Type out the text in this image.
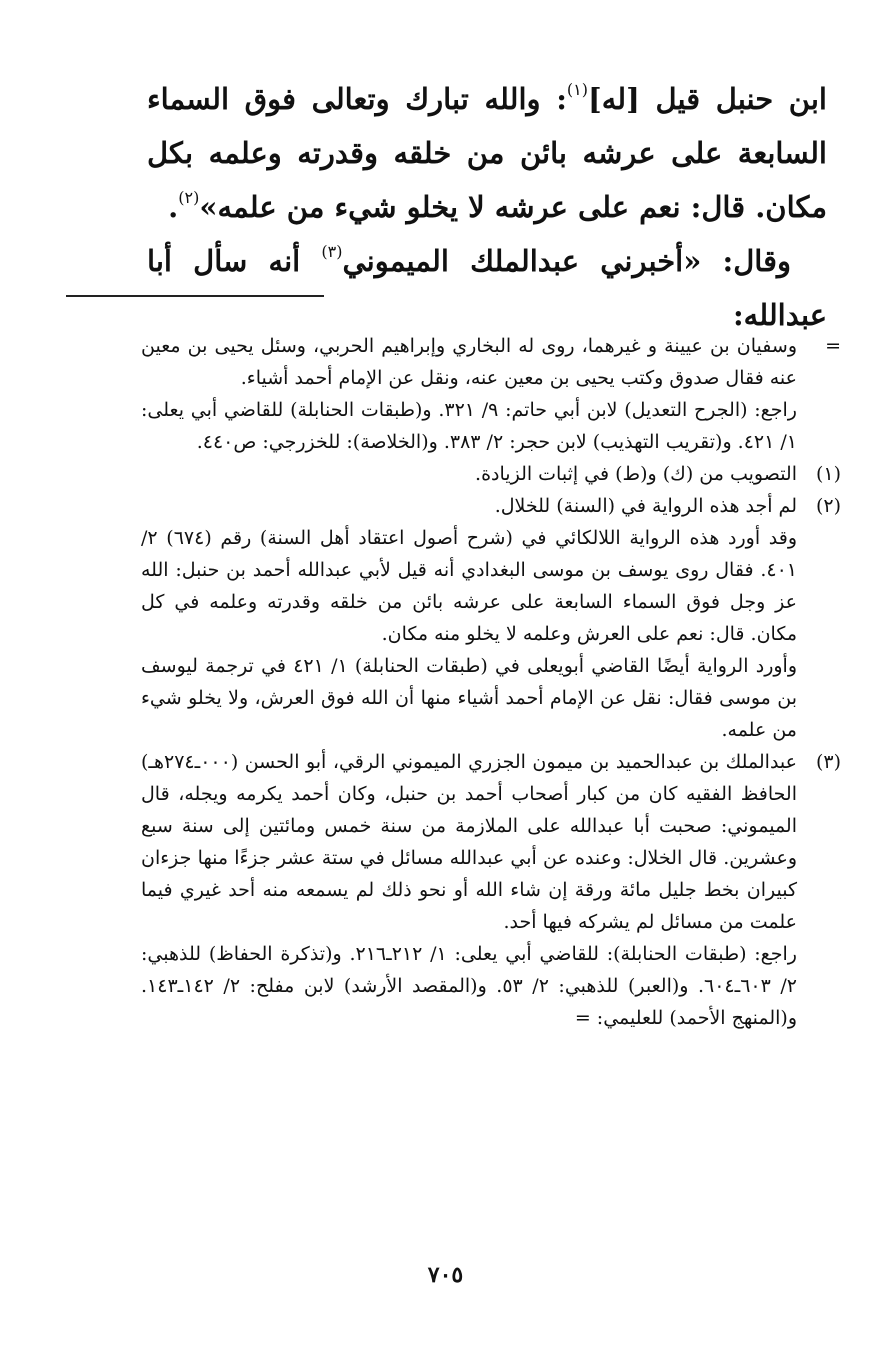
ابن حنبل قيل [له]$^{(١)}$: والله تبارك وتعالى فوق السماء السابعة على عرشه بائن من خلقه وقدرته وعلمه بكل مكان. قال: نعم على عرشه لا يخلو شيء من علمه»$^{(٢)}$.

وقال: «أخبرني عبدالملك الميموني$^{(٣)}$ أنه سأل أبا عبدالله:

=

وسفيان بن عيينة و غيرهما، روى له البخاري وإبراهيم الحربي، وسئل يحيى بن معين عنه فقال صدوق وكتب يحيى بن معين عنه، ونقل عن الإمام أحمد أشياء.

راجع: (الجرح التعديل) لابن أبي حاتم: ٩/ ٣٢١. و(طبقات الحنابلة) للقاضي أبي يعلى: ١/ ٤٢١. و(تقريب التهذيب) لابن حجر: ٢/ ٣٨٣. و(الخلاصة): للخزرجي: ص٤٤٠.

(١)

التصويب من (ك) و(ط) في إثبات الزيادة.

(٢)

لم أجد هذه الرواية في (السنة) للخلال.

وقد أورد هذه الرواية اللالكائي في (شرح أصول اعتقاد أهل السنة) رقم (٦٧٤) ٢/ ٤٠١. فقال روى يوسف بن موسى البغدادي أنه قيل لأبي عبدالله أحمد بن حنبل: الله عز وجل فوق السماء السابعة على عرشه بائن من خلقه وقدرته وعلمه في كل مكان. قال: نعم على العرش وعلمه لا يخلو منه مكان.

وأورد الرواية أيضًا القاضي أبويعلى في (طبقات الحنابلة) ١/ ٤٢١ في ترجمة ليوسف بن موسى فقال: نقل عن الإمام أحمد أشياء منها أن الله فوق العرش، ولا يخلو شيء من علمه.

(٣)

عبدالملك بن عبدالحميد بن ميمون الجزري الميموني الرقي، أبو الحسن (٠٠٠ـ٢٧٤هـ) الحافظ الفقيه كان من كبار أصحاب أحمد بن حنبل، وكان أحمد يكرمه ويجله، قال الميموني: صحبت أبا عبدالله على الملازمة من سنة خمس ومائتين إلى سنة سبع وعشرين. قال الخلال: وعنده عن أبي عبدالله مسائل في ستة عشر جزءًا منها جزءان كبيران بخط جليل مائة ورقة إن شاء الله أو نحو ذلك لم يسمعه منه أحد غيري فيما علمت من مسائل لم يشركه فيها أحد.

راجع: (طبقات الحنابلة): للقاضي أبي يعلى: ١/ ٢١٢ـ٢١٦. و(تذكرة الحفاظ) للذهبي: ٢/ ٦٠٣ـ٦٠٤. و(العبر) للذهبي: ٢/ ٥٣. و(المقصد الأرشد) لابن مفلح: ٢/ ١٤٢ـ١٤٣. و(المنهج الأحمد) للعليمي: =

٧٠٥
